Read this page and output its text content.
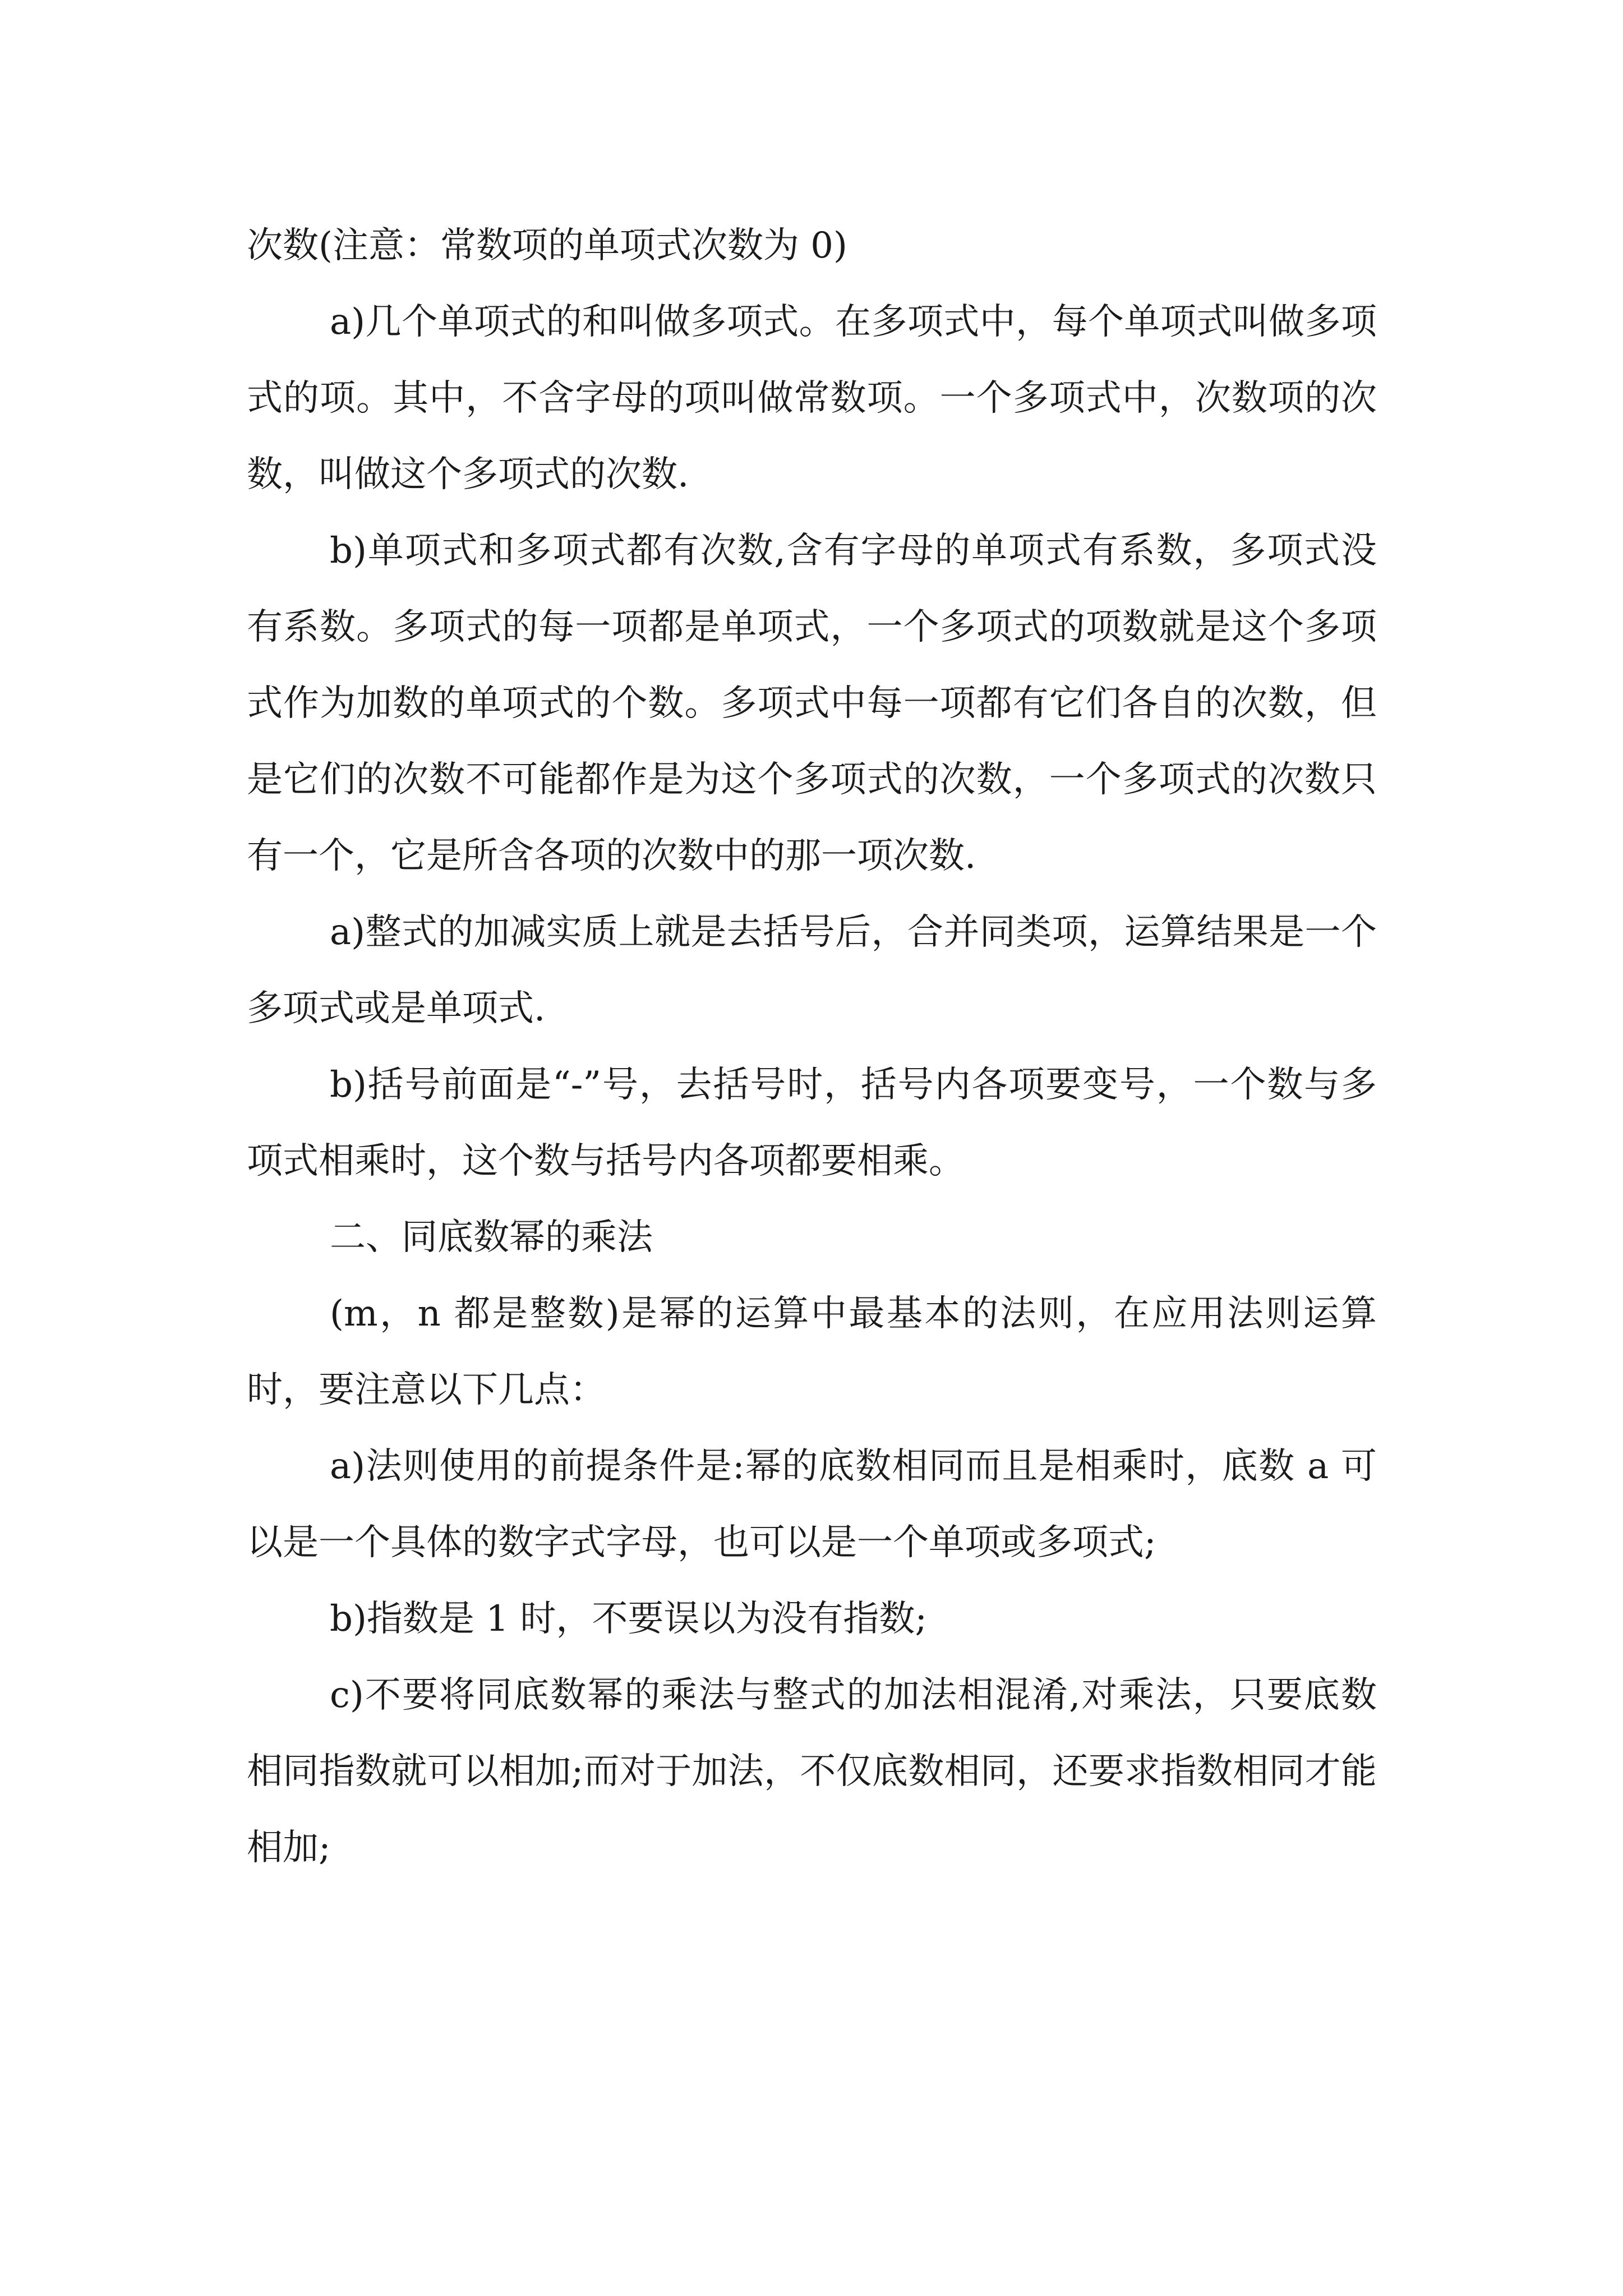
次数(注意：常数项的单项式次数为 0)

a)几个单项式的和叫做多项式。在多项式中，每个单项式叫做多项式的项。其中，不含字母的项叫做常数项。一个多项式中，次数项的次数，叫做这个多项式的次数.

b)单项式和多项式都有次数,含有字母的单项式有系数，多项式没有系数。多项式的每一项都是单项式，一个多项式的项数就是这个多项式作为加数的单项式的个数。多项式中每一项都有它们各自的次数，但是它们的次数不可能都作是为这个多项式的次数，一个多项式的次数只有一个，它是所含各项的次数中的那一项次数.

a)整式的加减实质上就是去括号后，合并同类项，运算结果是一个多项式或是单项式.

b)括号前面是“-”号，去括号时，括号内各项要变号，一个数与多项式相乘时，这个数与括号内各项都要相乘。

二、同底数幂的乘法

(m，n 都是整数)是幂的运算中最基本的法则，在应用法则运算时，要注意以下几点：

a)法则使用的前提条件是:幂的底数相同而且是相乘时，底数 a 可以是一个具体的数字式字母，也可以是一个单项或多项式;

b)指数是 1 时，不要误以为没有指数;

c)不要将同底数幂的乘法与整式的加法相混淆,对乘法，只要底数相同指数就可以相加;而对于加法，不仅底数相同，还要求指数相同才能相加;
